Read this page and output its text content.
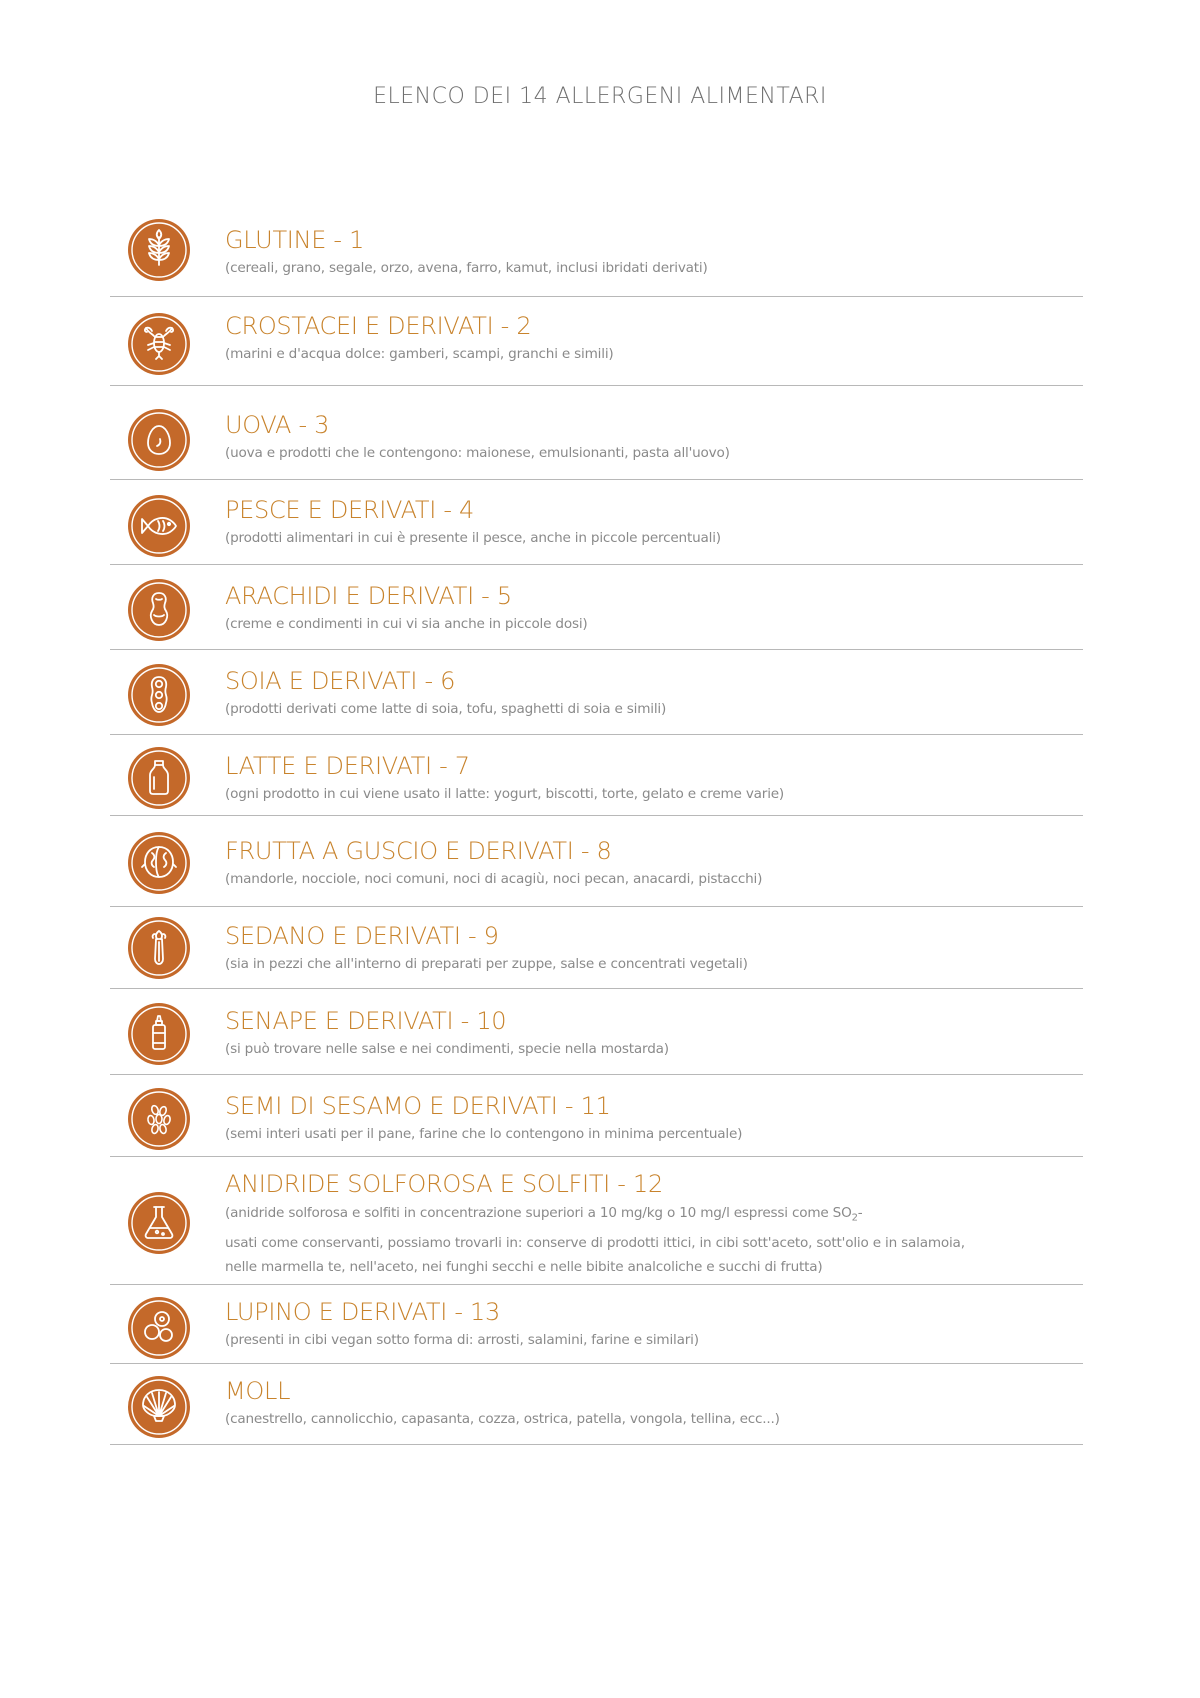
ELENCO DEI 14 ALLERGENI ALIMENTARI
GLUTINE - 1
(cereali, grano, segale, orzo, avena, farro, kamut, inclusi ibridati derivati)
CROSTACEI E DERIVATI - 2
(marini e d'acqua dolce: gamberi, scampi, granchi e simili)
UOVA - 3
(uova e prodotti che le contengono: maionese, emulsionanti, pasta all'uovo)
PESCE E DERIVATI - 4
(prodotti alimentari in cui è presente il pesce, anche in piccole percentuali)
ARACHIDI E DERIVATI - 5
(creme e condimenti in cui vi sia anche in piccole dosi)
SOIA E DERIVATI - 6
(prodotti derivati come latte di soia, tofu, spaghetti di soia e simili)
LATTE E DERIVATI - 7
(ogni prodotto in cui viene usato il latte: yogurt, biscotti, torte, gelato e creme varie)
FRUTTA A GUSCIO E DERIVATI - 8
(mandorle, nocciole, noci comuni, noci di acagiù, noci pecan, anacardi, pistacchi)
SEDANO E DERIVATI - 9
(sia in pezzi che all'interno di preparati per zuppe, salse e concentrati vegetali)
SENAPE E DERIVATI - 10
(si può trovare nelle salse e nei condimenti, specie nella mostarda)
SEMI DI SESAMO E DERIVATI - 11
(semi interi usati per il pane, farine che lo contengono in minima percentuale)
ANIDRIDE SOLFOROSA E SOLFITI - 12
(anidride solforosa e solfiti in concentrazione superiori a 10 mg/kg o 10 mg/l espressi come $SO_2-$
usati come conservanti, possiamo trovarli in: conserve di prodotti ittici, in cibi sott'aceto, sott'olio e in salamoia,
nelle marmella te, nell'aceto, nei funghi secchi e nelle bibite analcoliche e succhi di frutta)
LUPINO E DERIVATI - 13
(presenti in cibi vegan sotto forma di: arrosti, salamini, farine e similari)
MOLL
(canestrello, cannolicchio, capasanta, cozza, ostrica, patella, vongola, tellina, ecc...)
